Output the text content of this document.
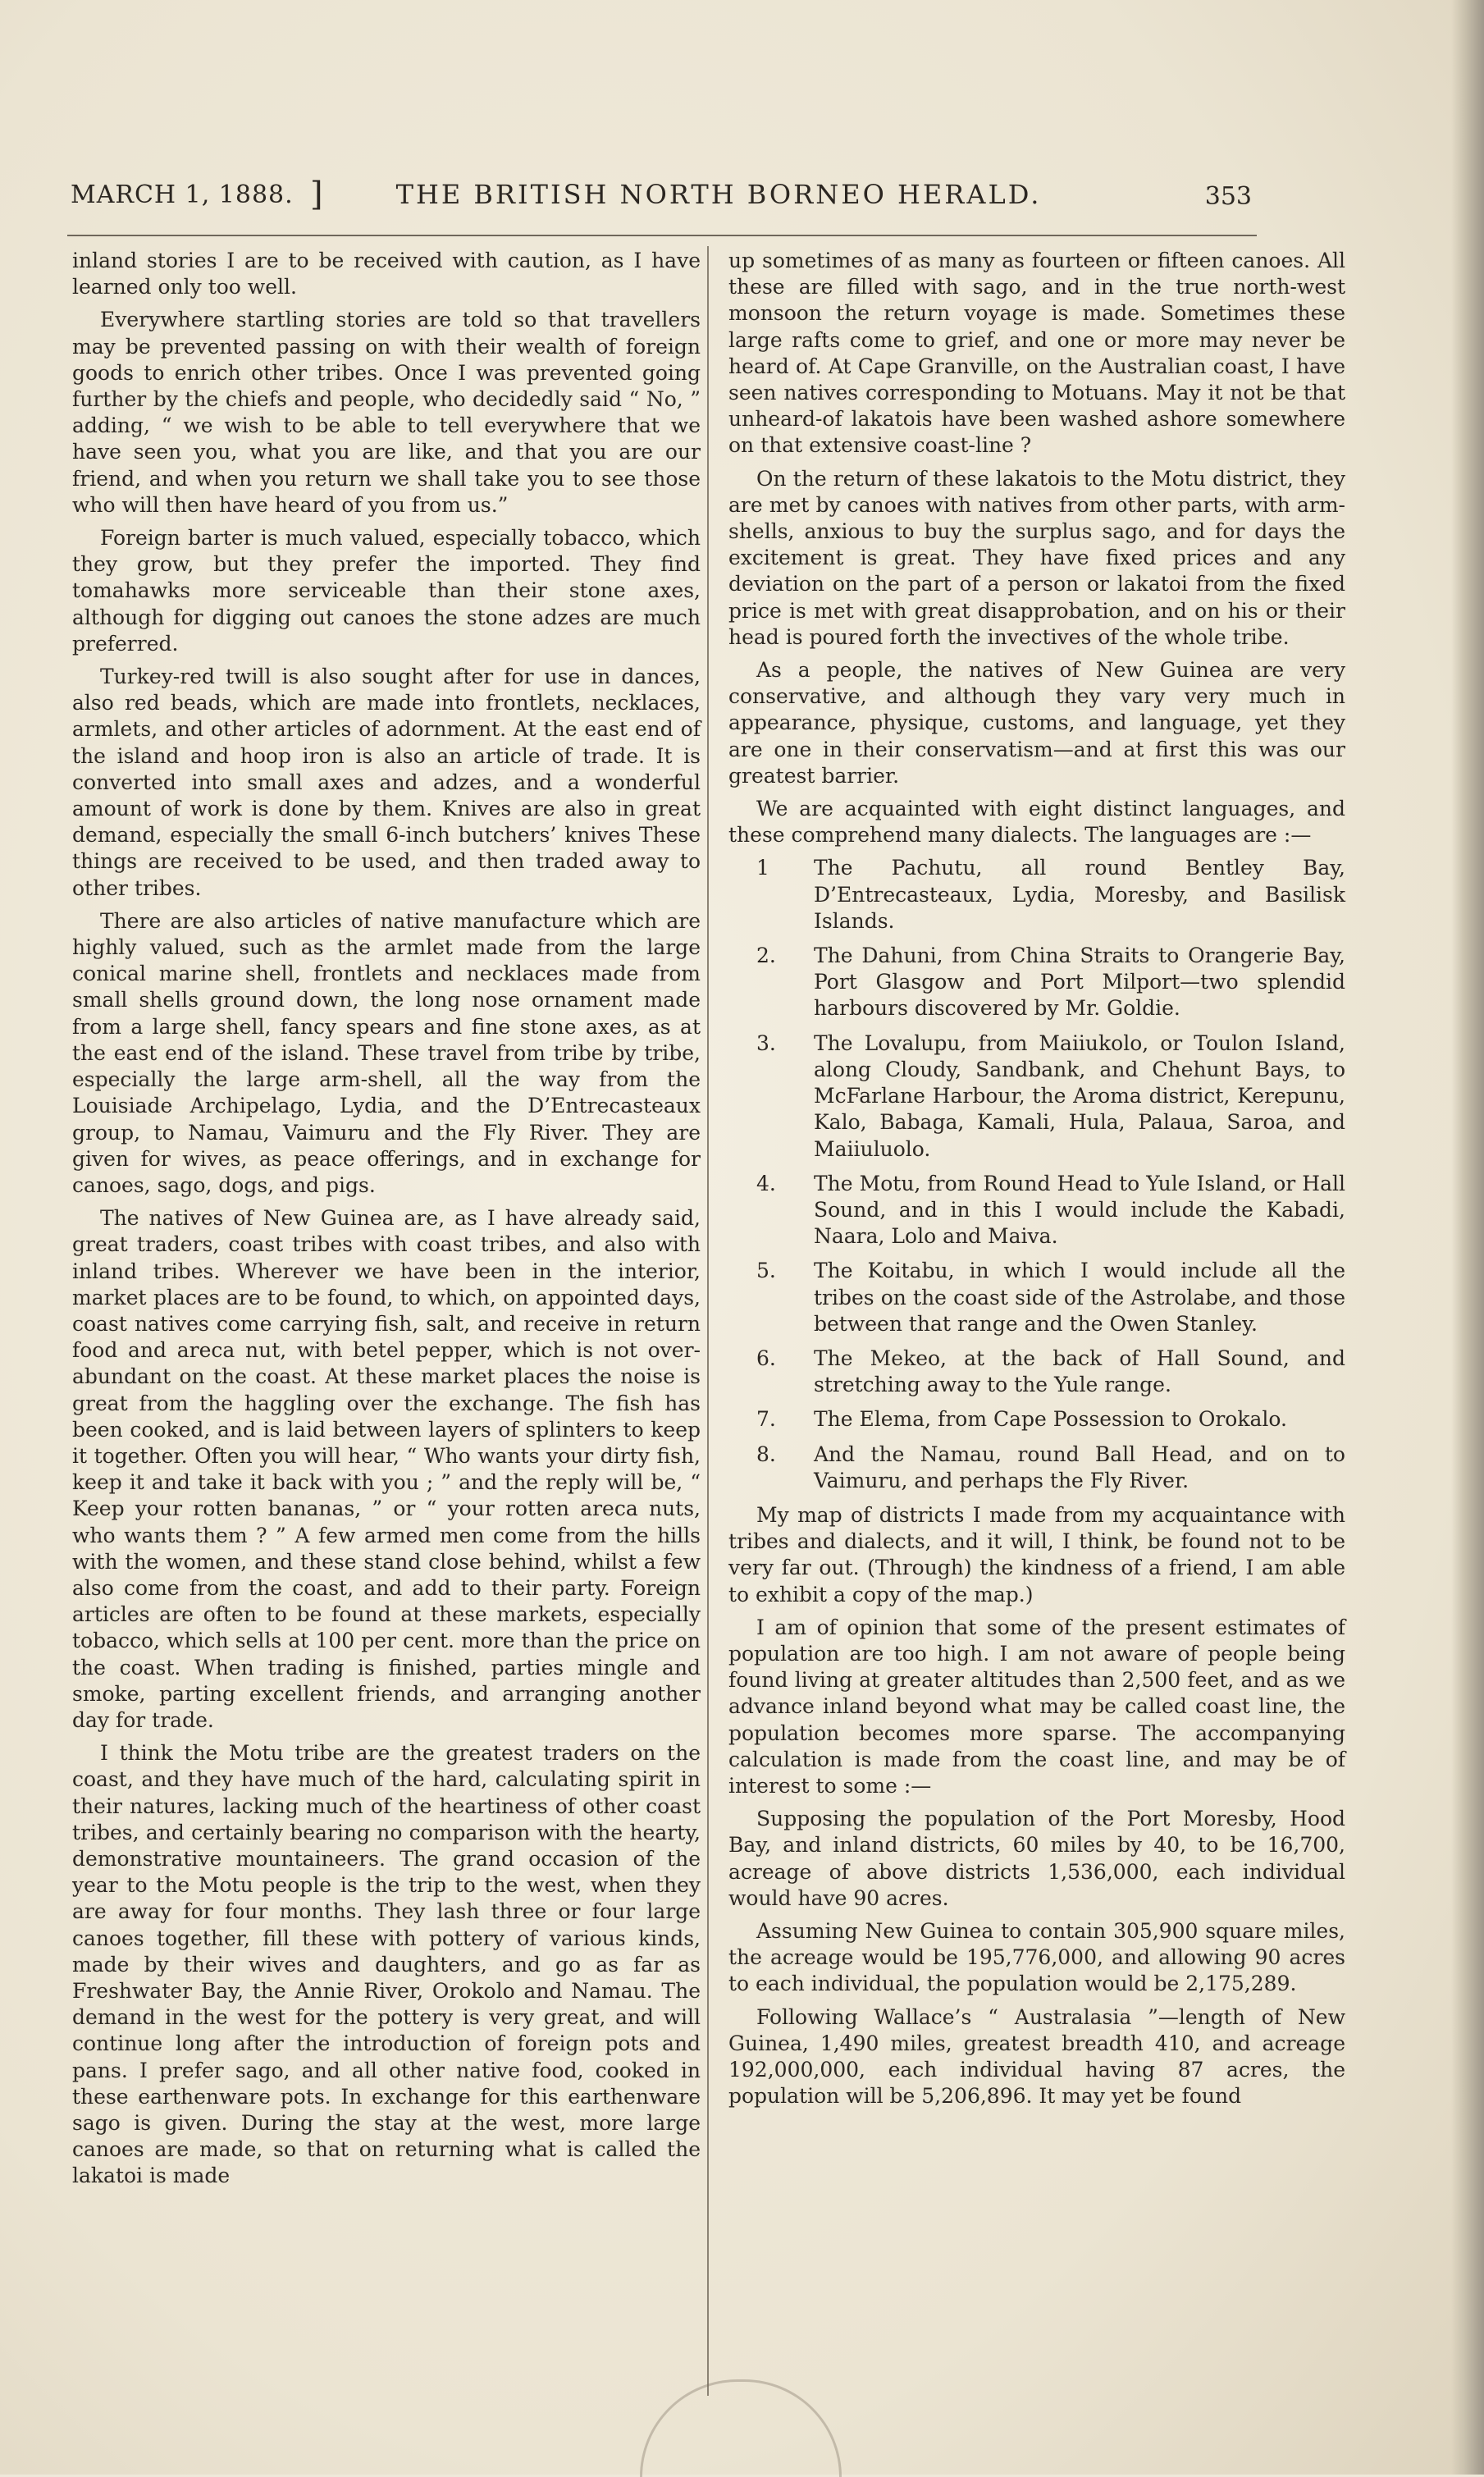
MARCH 1, 1888. ]	THE BRITISH NORTH BORNEO HERALD.	353

inland stories I are to be received with caution, as I have learned only too well.

Everywhere startling stories are told so that travellers may be prevented passing on with their wealth of foreign goods to enrich other tribes. Once I was prevented going further by the chiefs and people, who decidedly said “ No, ” adding, “ we wish to be able to tell everywhere that we have seen you, what you are like, and that you are our friend, and when you return we shall take you to see those who will then have heard of you from us.”

Foreign barter is much valued, especially tobacco, which they grow, but they prefer the imported. They find tomahawks more serviceable than their stone axes, although for digging out canoes the stone adzes are much preferred.

Turkey-red twill is also sought after for use in dances, also red beads, which are made into frontlets, necklaces, armlets, and other articles of adornment. At the east end of the island and hoop iron is also an article of trade. It is converted into small axes and adzes, and a wonderful amount of work is done by them. Knives are also in great demand, especially the small 6-inch butchers’ knives These things are received to be used, and then traded away to other tribes.

There are also articles of native manufacture which are highly valued, such as the armlet made from the large conical marine shell, frontlets and necklaces made from small shells ground down, the long nose ornament made from a large shell, fancy spears and fine stone axes, as at the east end of the island. These travel from tribe by tribe, especially the large arm-shell, all the way from the Louisiade Archipelago, Lydia, and the D’Entrecasteaux group, to Namau, Vaimuru and the Fly River. They are given for wives, as peace offerings, and in exchange for canoes, sago, dogs, and pigs.

The natives of New Guinea are, as I have already said, great traders, coast tribes with coast tribes, and also with inland tribes. Wherever we have been in the interior, market places are to be found, to which, on appointed days, coast natives come carrying fish, salt, and receive in return food and areca nut, with betel pepper, which is not over-abundant on the coast. At these market places the noise is great from the haggling over the exchange. The fish has been cooked, and is laid between layers of splinters to keep it together. Often you will hear, “ Who wants your dirty fish, keep it and take it back with you ; ” and the reply will be, “ Keep your rotten bananas, ” or “ your rotten areca nuts, who wants them ? ” A few armed men come from the hills with the women, and these stand close behind, whilst a few also come from the coast, and add to their party. Foreign articles are often to be found at these markets, especially tobacco, which sells at 100 per cent. more than the price on the coast. When trading is finished, parties mingle and smoke, parting excellent friends, and arranging another day for trade.

I think the Motu tribe are the greatest traders on the coast, and they have much of the hard, calculating spirit in their natures, lacking much of the heartiness of other coast tribes, and certainly bearing no comparison with the hearty, demonstrative mountaineers. The grand occasion of the year to the Motu people is the trip to the west, when they are away for four months. They lash three or four large canoes together, fill these with pottery of various kinds, made by their wives and daughters, and go as far as Freshwater Bay, the Annie River, Orokolo and Namau. The demand in the west for the pottery is very great, and will continue long after the introduction of foreign pots and pans. I prefer sago, and all other native food, cooked in these earthenware pots. In exchange for this earthenware sago is given. During the stay at the west, more large canoes are made, so that on returning what is called the lakatoi is made

up sometimes of as many as fourteen or fifteen canoes. All these are filled with sago, and in the true north-west monsoon the return voyage is made. Sometimes these large rafts come to grief, and one or more may never be heard of. At Cape Granville, on the Australian coast, I have seen natives corresponding to Motuans. May it not be that unheard-of lakatois have been washed ashore somewhere on that extensive coast-line ?

On the return of these lakatois to the Motu district, they are met by canoes with natives from other parts, with arm-shells, anxious to buy the surplus sago, and for days the excitement is great. They have fixed prices and any deviation on the part of a person or lakatoi from the fixed price is met with great disapprobation, and on his or their head is poured forth the invectives of the whole tribe.

As a people, the natives of New Guinea are very conservative, and although they vary very much in appearance, physique, customs, and language, yet they are one in their conservatism—and at first this was our greatest barrier.

We are acquainted with eight distinct languages, and these comprehend many dialects. The languages are :—

1 The Pachutu, all round Bentley Bay, D’Entrecasteaux, Lydia, Moresby, and Basilisk Islands.
2. The Dahuni, from China Straits to Orangerie Bay, Port Glasgow and Port Milport—two splendid harbours discovered by Mr. Goldie.
3. The Lovalupu, from Maiiukolo, or Toulon Island, along Cloudy, Sandbank, and Chehunt Bays, to McFarlane Harbour, the Aroma district, Kerepunu, Kalo, Babaga, Kamali, Hula, Palaua, Saroa, and Maiiuluolo.
4. The Motu, from Round Head to Yule Island, or Hall Sound, and in this I would include the Kabadi, Naara, Lolo and Maiva.
5. The Koitabu, in which I would include all the tribes on the coast side of the Astrolabe, and those between that range and the Owen Stanley.
6. The Mekeo, at the back of Hall Sound, and stretching away to the Yule range.
7. The Elema, from Cape Possession to Orokalo.
8. And the Namau, round Ball Head, and on to Vaimuru, and perhaps the Fly River.

My map of districts I made from my acquaintance with tribes and dialects, and it will, I think, be found not to be very far out. (Through) the kindness of a friend, I am able to exhibit a copy of the map.)

I am of opinion that some of the present estimates of population are too high. I am not aware of people being found living at greater altitudes than 2,500 feet, and as we advance inland beyond what may be called coast line, the population becomes more sparse. The accompanying calculation is made from the coast line, and may be of interest to some :—

Supposing the population of the Port Moresby, Hood Bay, and inland districts, 60 miles by 40, to be 16,700, acreage of above districts 1,536,000, each individual would have 90 acres.

Assuming New Guinea to contain 305,900 square miles, the acreage would be 195,776,000, and allowing 90 acres to each individual, the population would be 2,175,289.

Following Wallace’s “ Australasia ”—length of New Guinea, 1,490 miles, greatest breadth 410, and acreage 192,000,000, each individual having 87 acres, the population will be 5,206,896. It may yet be found
